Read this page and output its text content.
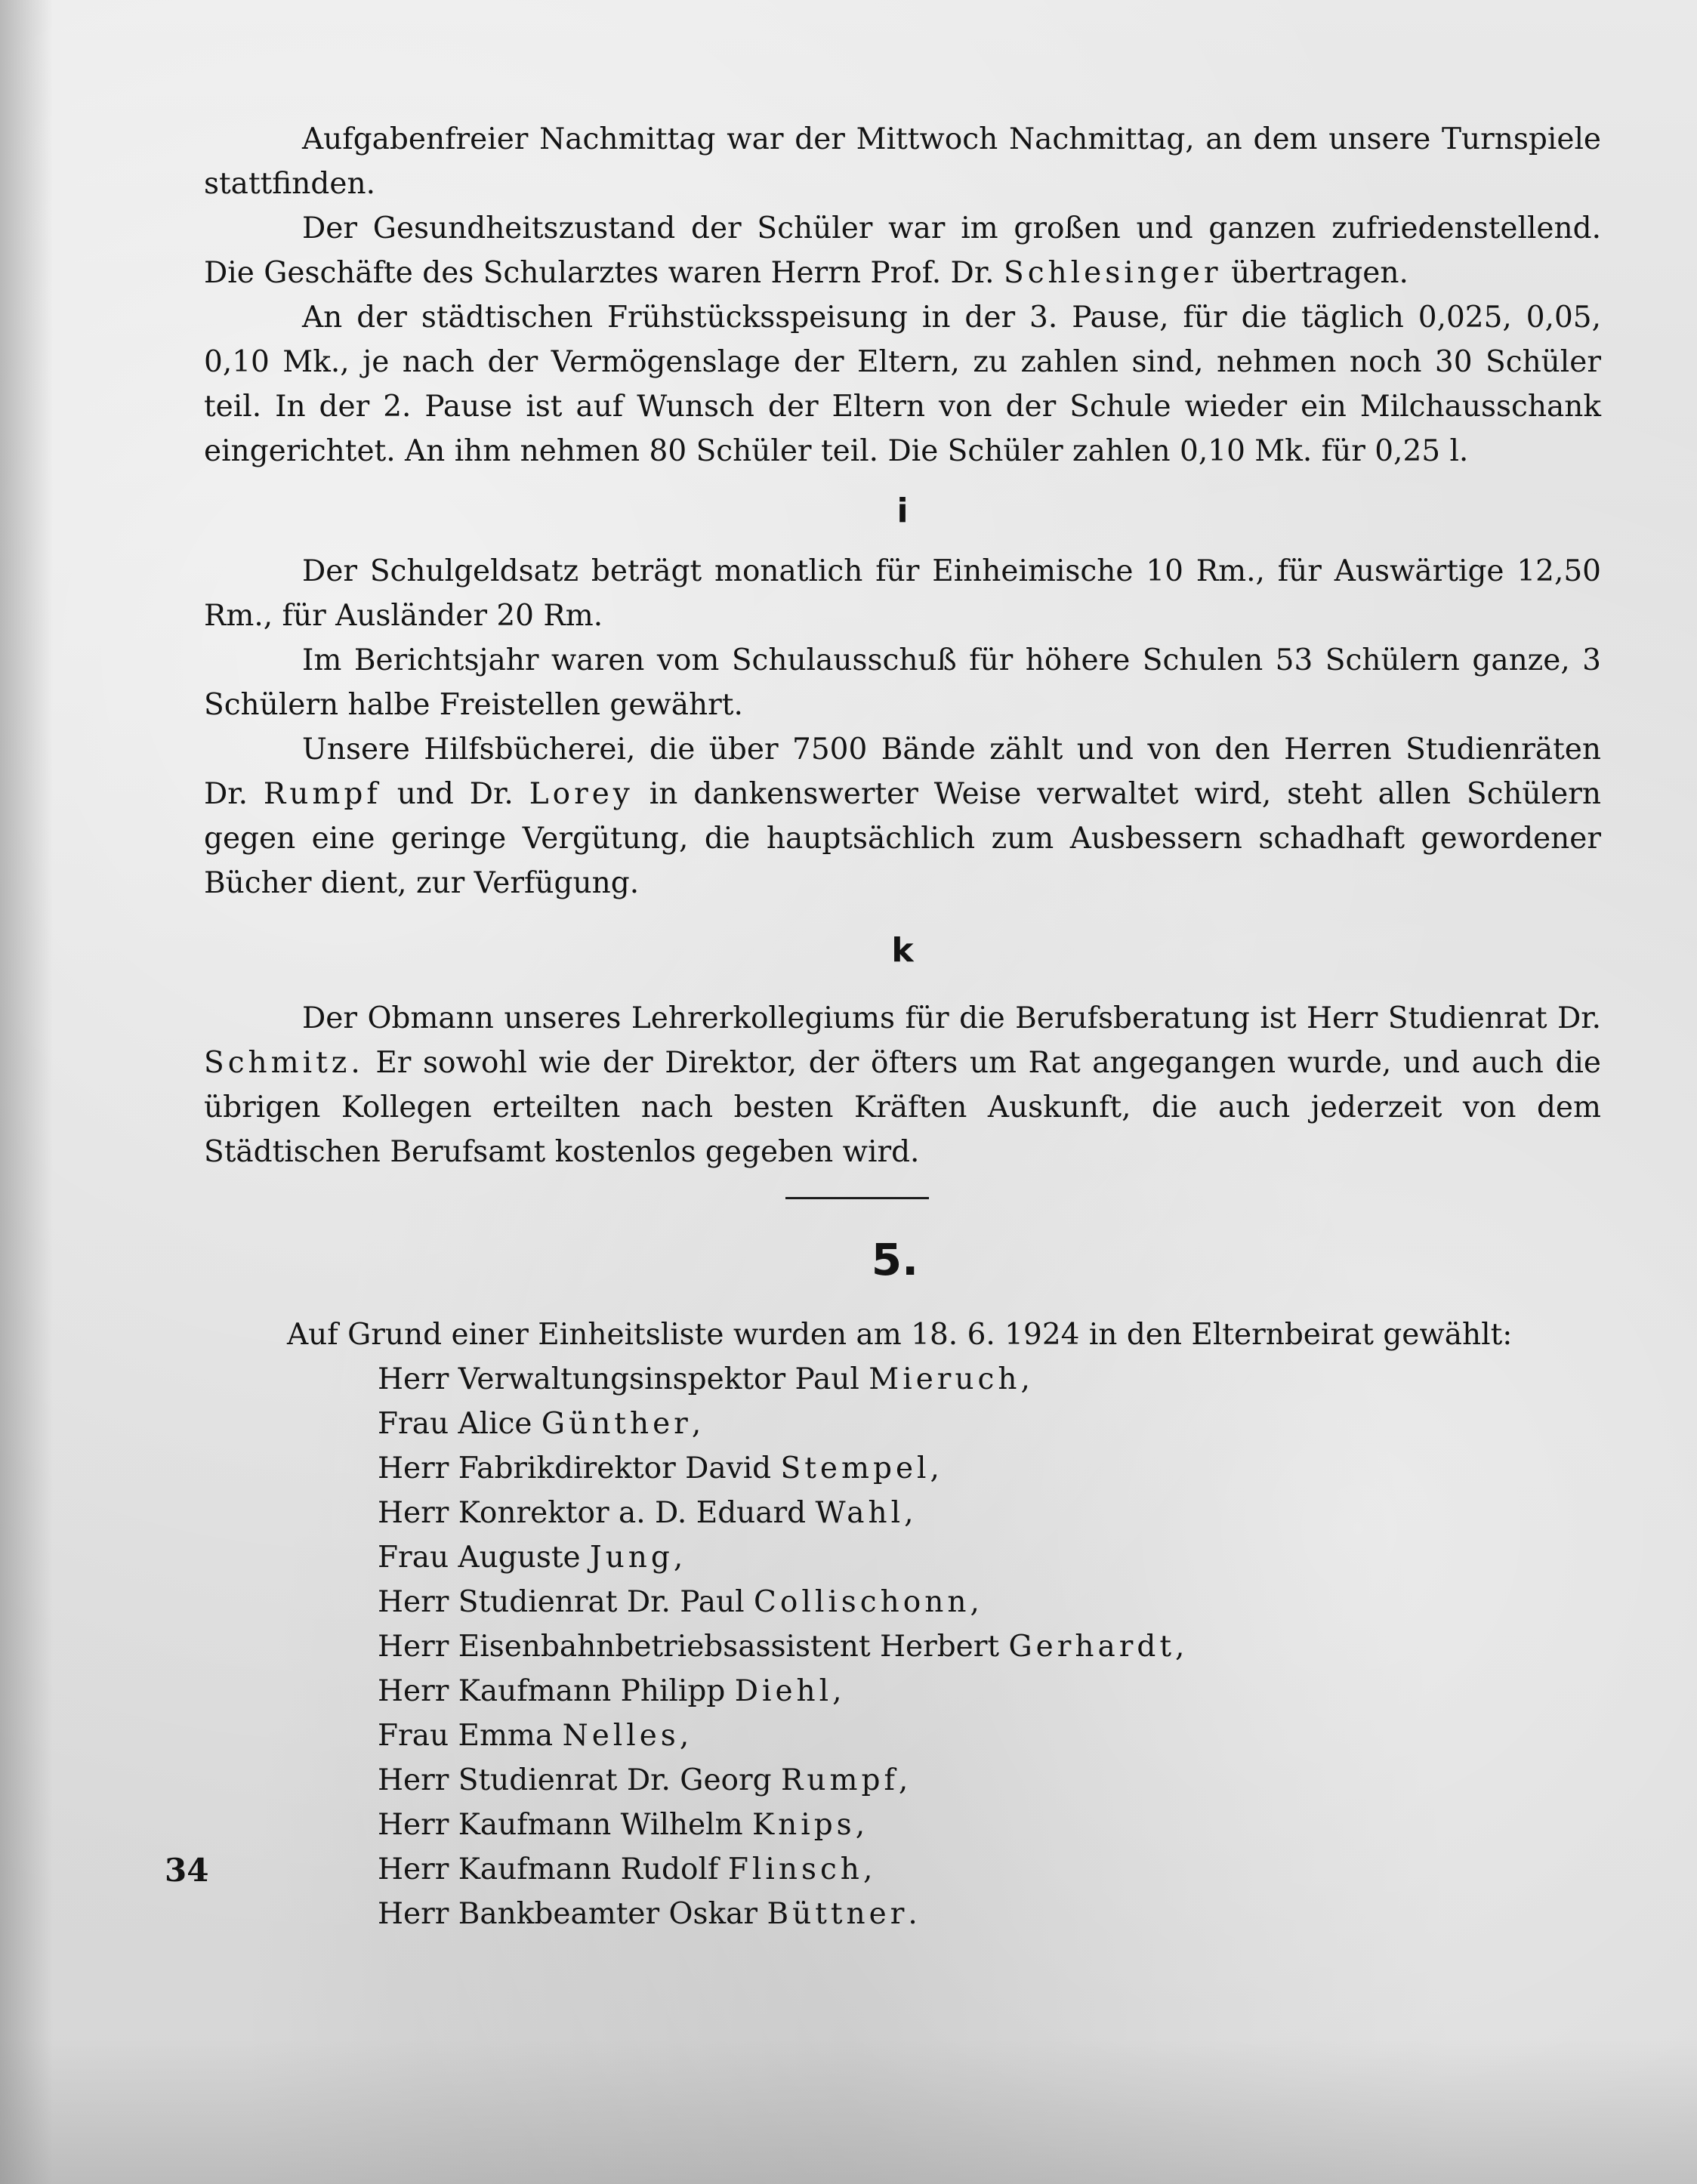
Aufgabenfreier Nachmittag war der Mittwoch Nachmittag, an dem unsere Turnspiele stattfinden.

Der Gesundheitszustand der Schüler war im großen und ganzen zufriedenstellend. Die Geschäfte des Schularztes waren Herrn Prof. Dr. Schlesinger übertragen.

An der städtischen Frühstücksspeisung in der 3. Pause, für die täglich 0,025, 0,05, 0,10 Mk., je nach der Vermögenslage der Eltern, zu zahlen sind, nehmen noch 30 Schüler teil. In der 2. Pause ist auf Wunsch der Eltern von der Schule wieder ein Milchausschank eingerichtet. An ihm nehmen 80 Schüler teil. Die Schüler zahlen 0,10 Mk. für 0,25 l.

i

Der Schulgeldsatz beträgt monatlich für Einheimische 10 Rm., für Auswärtige 12,50 Rm., für Ausländer 20 Rm.

Im Berichtsjahr waren vom Schulausschuß für höhere Schulen 53 Schülern ganze, 3 Schülern halbe Freistellen gewährt.

Unsere Hilfsbücherei, die über 7500 Bände zählt und von den Herren Studienräten Dr. Rumpf und Dr. Lorey in dankenswerter Weise verwaltet wird, steht allen Schülern gegen eine geringe Vergütung, die hauptsächlich zum Ausbessern schadhaft gewordener Bücher dient, zur Verfügung.

k

Der Obmann unseres Lehrerkollegiums für die Berufsberatung ist Herr Studienrat Dr. Schmitz. Er sowohl wie der Direktor, der öfters um Rat angegangen wurde, und auch die übrigen Kollegen erteilten nach besten Kräften Auskunft, die auch jederzeit von dem Städtischen Berufsamt kostenlos gegeben wird.

5.

Auf Grund einer Einheitsliste wurden am 18. 6. 1924 in den Elternbeirat gewählt:

Herr Verwaltungsinspektor Paul Mieruch,
Frau Alice Günther,
Herr Fabrikdirektor David Stempel,
Herr Konrektor a. D. Eduard Wahl,
Frau Auguste Jung,
Herr Studienrat Dr. Paul Collischonn,
Herr Eisenbahnbetriebsassistent Herbert Gerhardt,
Herr Kaufmann Philipp Diehl,
Frau Emma Nelles,
Herr Studienrat Dr. Georg Rumpf,
Herr Kaufmann Wilhelm Knips,
Herr Kaufmann Rudolf Flinsch,
Herr Bankbeamter Oskar Büttner.
34
